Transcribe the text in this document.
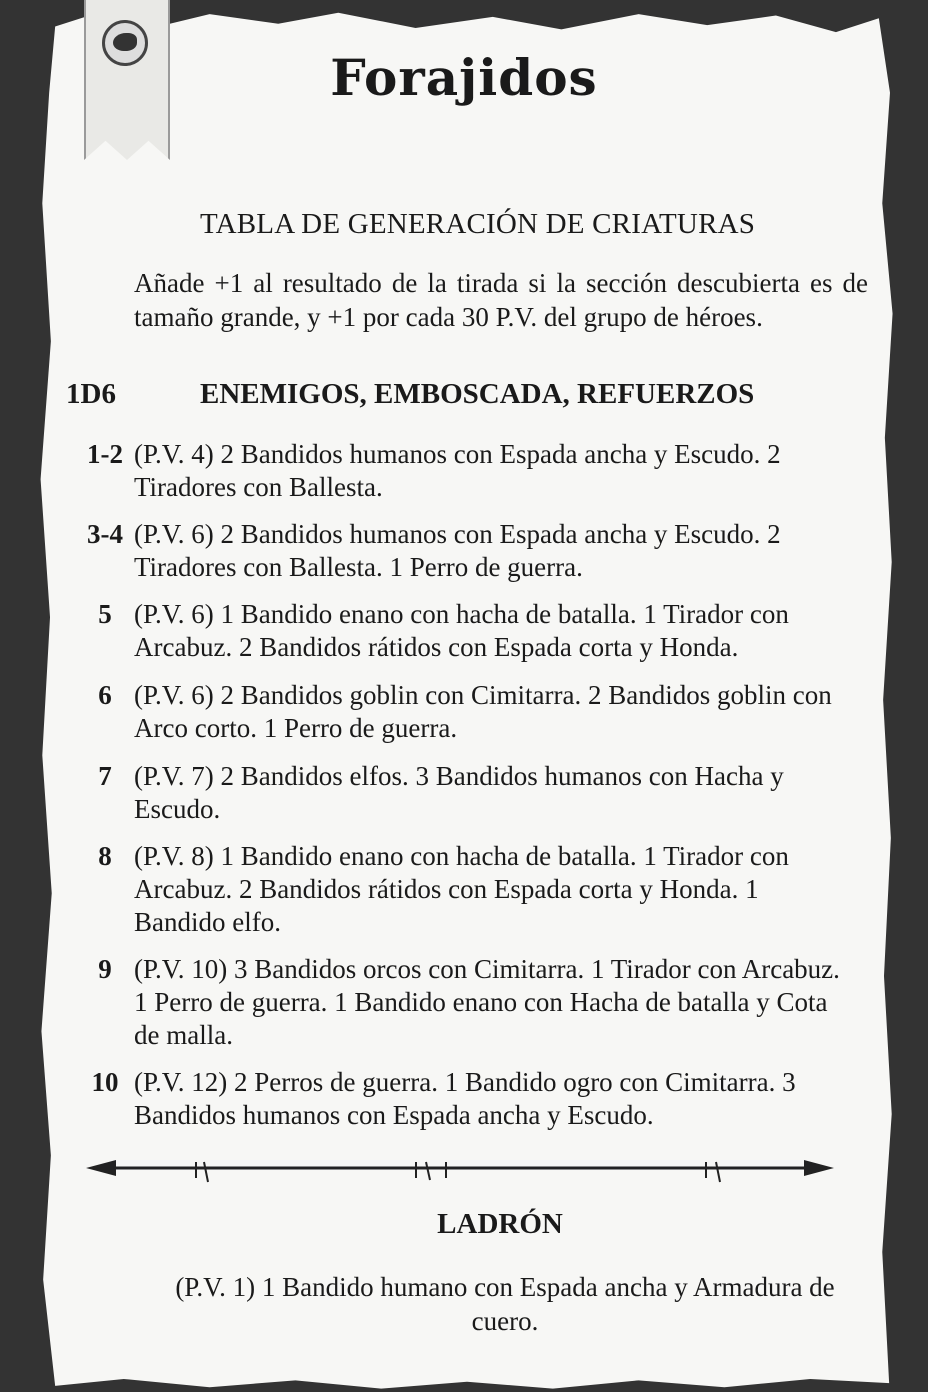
Forajidos
TABLA DE GENERACIÓN DE CRIATURAS
Añade +1 al resultado de la tirada si la sección descubierta es de tamaño grande, y +1 por cada 30 P.V. del grupo de héroes.
1D6	ENEMIGOS, EMBOSCADA, REFUERZOS
1-2 (P.V. 4) 2 Bandidos humanos con Espada ancha y Escudo. 2 Tiradores con Ballesta.
3-4 (P.V. 6) 2 Bandidos humanos con Espada ancha y Escudo. 2 Tiradores con Ballesta. 1 Perro de guerra.
5 (P.V. 6) 1 Bandido enano con hacha de batalla. 1 Tirador con Arcabuz. 2 Bandidos rátidos con Espada corta y Honda.
6 (P.V. 6) 2 Bandidos goblin con Cimitarra. 2 Bandidos goblin con Arco corto. 1 Perro de guerra.
7 (P.V. 7) 2 Bandidos elfos. 3 Bandidos humanos con Hacha y Escudo.
8 (P.V. 8) 1 Bandido enano con hacha de batalla. 1 Tirador con Arcabuz. 2 Bandidos rátidos con Espada corta y Honda. 1 Bandido elfo.
9 (P.V. 10) 3 Bandidos orcos con Cimitarra. 1 Tirador con Arcabuz. 1 Perro de guerra. 1 Bandido enano con Hacha de batalla y Cota de malla.
10 (P.V. 12) 2 Perros de guerra. 1 Bandido ogro con Cimitarra. 3 Bandidos humanos con Espada ancha y Escudo.
LADRÓN
(P.V. 1) 1 Bandido humano con Espada ancha y Armadura de cuero.
